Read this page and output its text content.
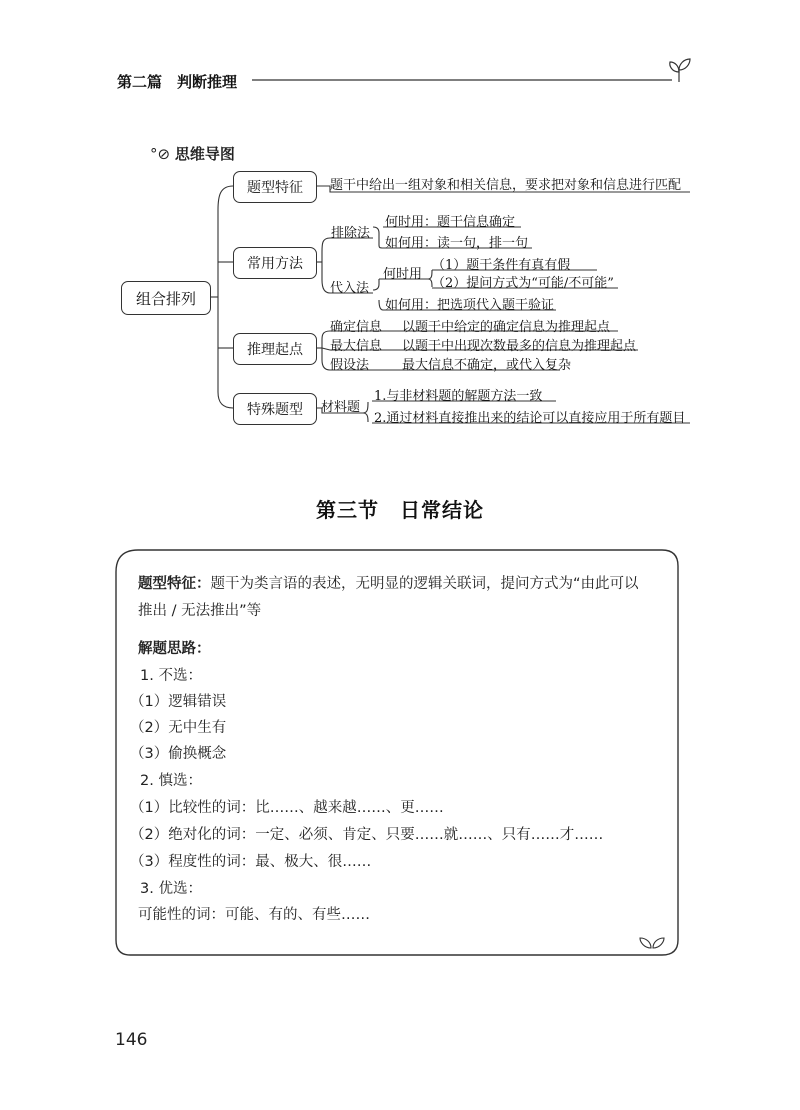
第二篇 判断推理
°⊘ 思维导图
组合排列
题型特征
常用方法
推理起点
特殊题型
题干中给出一组对象和相关信息，要求把对象和信息进行匹配
排除法
何时用：题干信息确定
如何用：读一句，排一句
代入法
何时用
（1）题干条件有真有假
（2）提问方式为“可能/不可能”
如何用：把选项代入题干验证
确定信息 以题干中给定的确定信息为推理起点
最大信息 以题干中出现次数最多的信息为推理起点
假设法	最大信息不确定，或代入复杂
材料题
1.与非材料题的解题方法一致
2.通过材料直接推出来的结论可以直接应用于所有题目
第三节　日常结论
题型特征：题干为类言语的表述，无明显的逻辑关联词，提问方式为“由此可以
推出 / 无法推出”等
解题思路：
1. 不选：
（1）逻辑错误
（2）无中生有
（3）偷换概念
2. 慎选：
（1）比较性的词：比……、越来越……、更……
（2）绝对化的词：一定、必须、肯定、只要……就……、只有……才……
（3）程度性的词：最、极大、很……
3. 优选：
可能性的词：可能、有的、有些……
146
